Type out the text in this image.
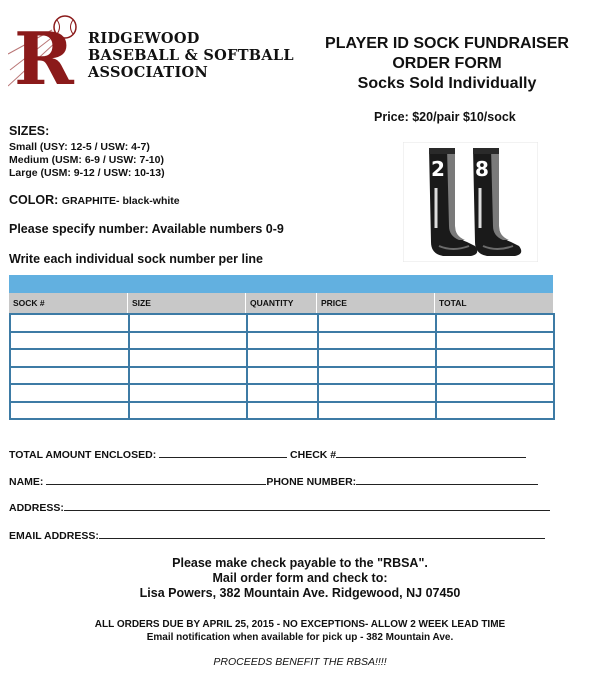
R RIDGEWOOD
BASEBALL & SOFTBALL
ASSOCIATION
PLAYER ID SOCK FUNDRAISER
ORDER FORM
Socks Sold Individually
Price: $20/pair $10/sock
SIZES:
Small (USY: 12-5 / USW: 4-7)
Medium (USM: 6-9 / USW: 7-10)
Large (USM: 9-12 / USW: 10-13)
COLOR: GRAPHITE- black-white
Please specify number: Available numbers 0-9
Write each individual sock number per line
2 8
SOCK #	SIZE	QUANTITY	PRICE	TOTAL

TOTAL AMOUNT ENCLOSED:	CHECK #
NAME:	PHONE NUMBER:
ADDRESS:
EMAIL ADDRESS:
Please make check payable to the "RBSA".
Mail order form and check to:
Lisa Powers, 382 Mountain Ave. Ridgewood, NJ 07450
ALL ORDERS DUE BY APRIL 25, 2015 - NO EXCEPTIONS- ALLOW 2 WEEK LEAD TIME
Email notification when available for pick up - 382 Mountain Ave.
PROCEEDS BENEFIT THE RBSA!!!!
